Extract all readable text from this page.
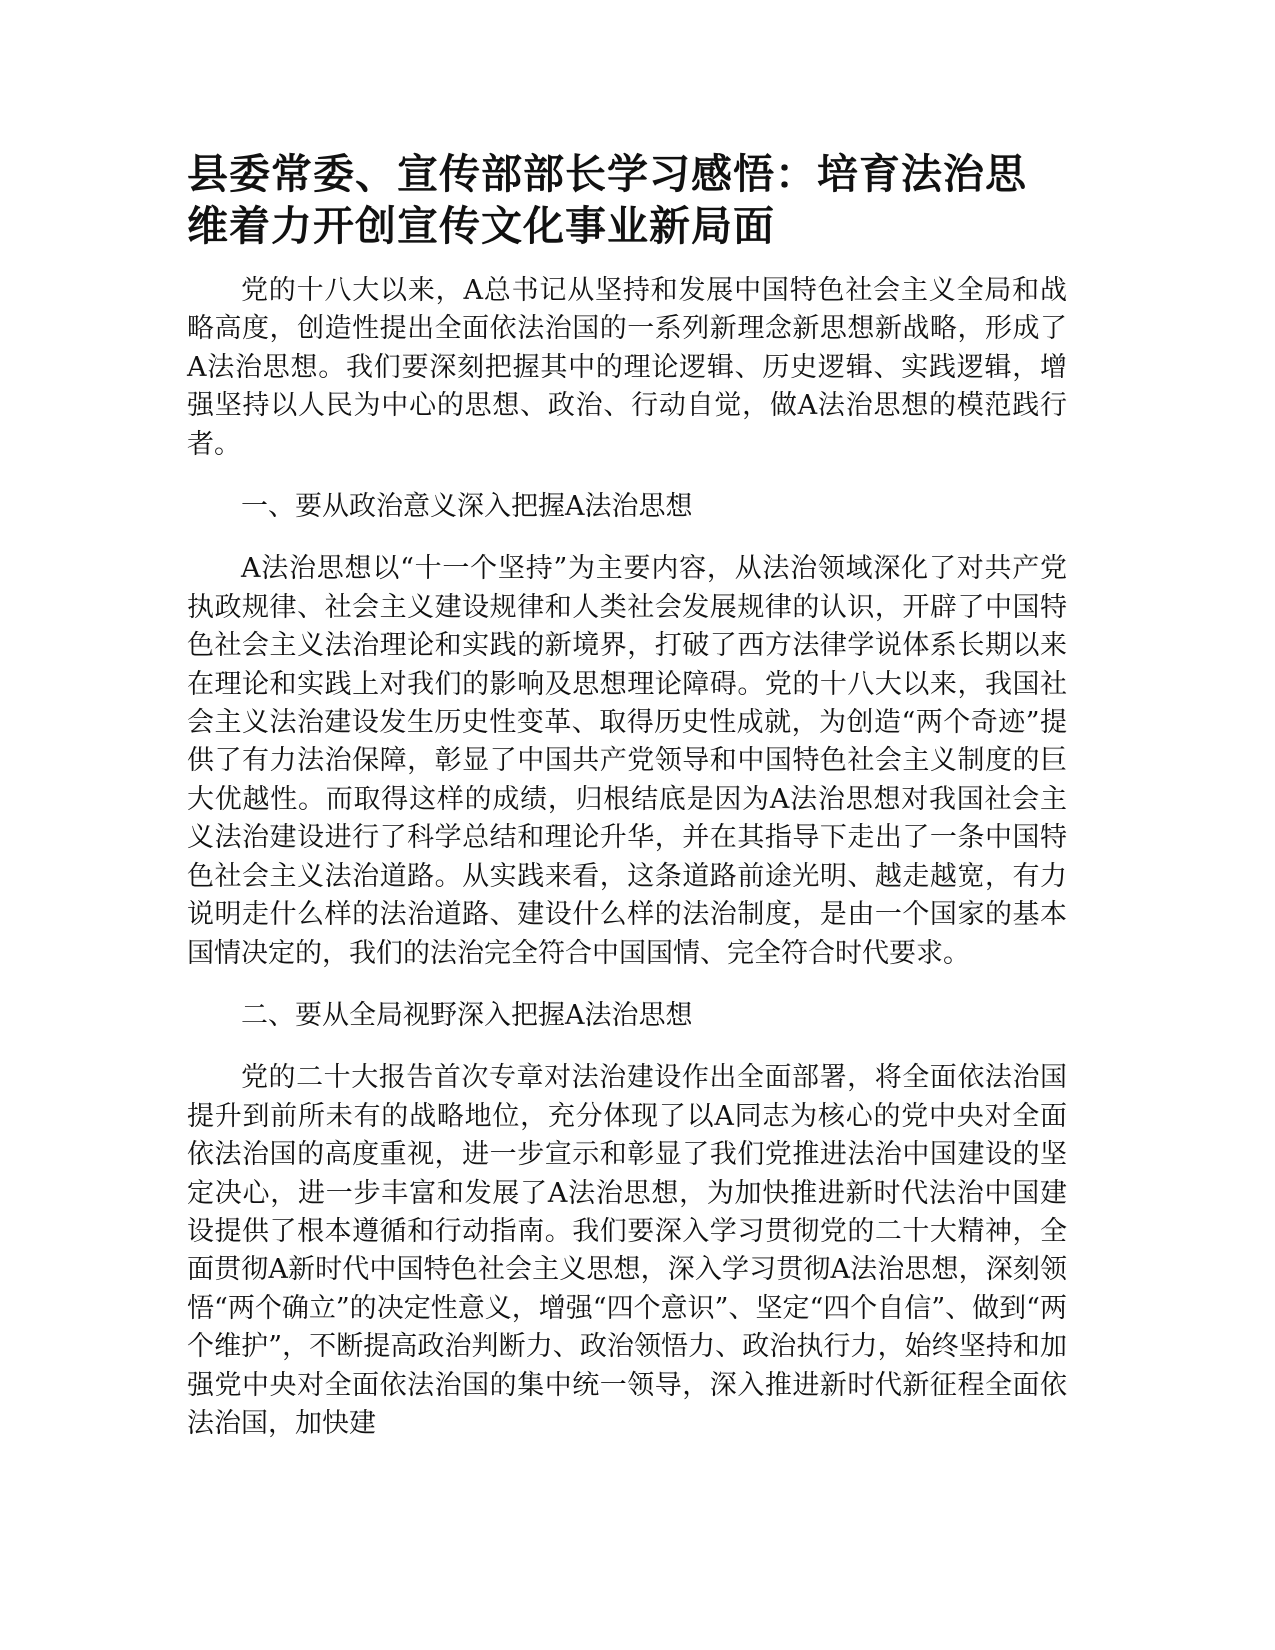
县委常委、宣传部部长学习感悟：培育法治思维着力开创宣传文化事业新局面

党的十八大以来，A总书记从坚持和发展中国特色社会主义全局和战略高度，创造性提出全面依法治国的一系列新理念新思想新战略，形成了A法治思想。我们要深刻把握其中的理论逻辑、历史逻辑、实践逻辑，增强坚持以人民为中心的思想、政治、行动自觉，做A法治思想的模范践行者。

一、要从政治意义深入把握A法治思想

A法治思想以“十一个坚持”为主要内容，从法治领域深化了对共产党执政规律、社会主义建设规律和人类社会发展规律的认识，开辟了中国特色社会主义法治理论和实践的新境界，打破了西方法律学说体系长期以来在理论和实践上对我们的影响及思想理论障碍。党的十八大以来，我国社会主义法治建设发生历史性变革、取得历史性成就，为创造“两个奇迹”提供了有力法治保障，彰显了中国共产党领导和中国特色社会主义制度的巨大优越性。而取得这样的成绩，归根结底是因为A法治思想对我国社会主义法治建设进行了科学总结和理论升华，并在其指导下走出了一条中国特色社会主义法治道路。从实践来看，这条道路前途光明、越走越宽，有力说明走什么样的法治道路、建设什么样的法治制度，是由一个国家的基本国情决定的，我们的法治完全符合中国国情、完全符合时代要求。

二、要从全局视野深入把握A法治思想

党的二十大报告首次专章对法治建设作出全面部署，将全面依法治国提升到前所未有的战略地位，充分体现了以A同志为核心的党中央对全面依法治国的高度重视，进一步宣示和彰显了我们党推进法治中国建设的坚定决心，进一步丰富和发展了A法治思想，为加快推进新时代法治中国建设提供了根本遵循和行动指南。我们要深入学习贯彻党的二十大精神，全面贯彻A新时代中国特色社会主义思想，深入学习贯彻A法治思想，深刻领悟“两个确立”的决定性意义，增强“四个意识”、坚定“四个自信”、做到“两个维护”，不断提高政治判断力、政治领悟力、政治执行力，始终坚持和加强党中央对全面依法治国的集中统一领导，深入推进新时代新征程全面依法治国，加快建
